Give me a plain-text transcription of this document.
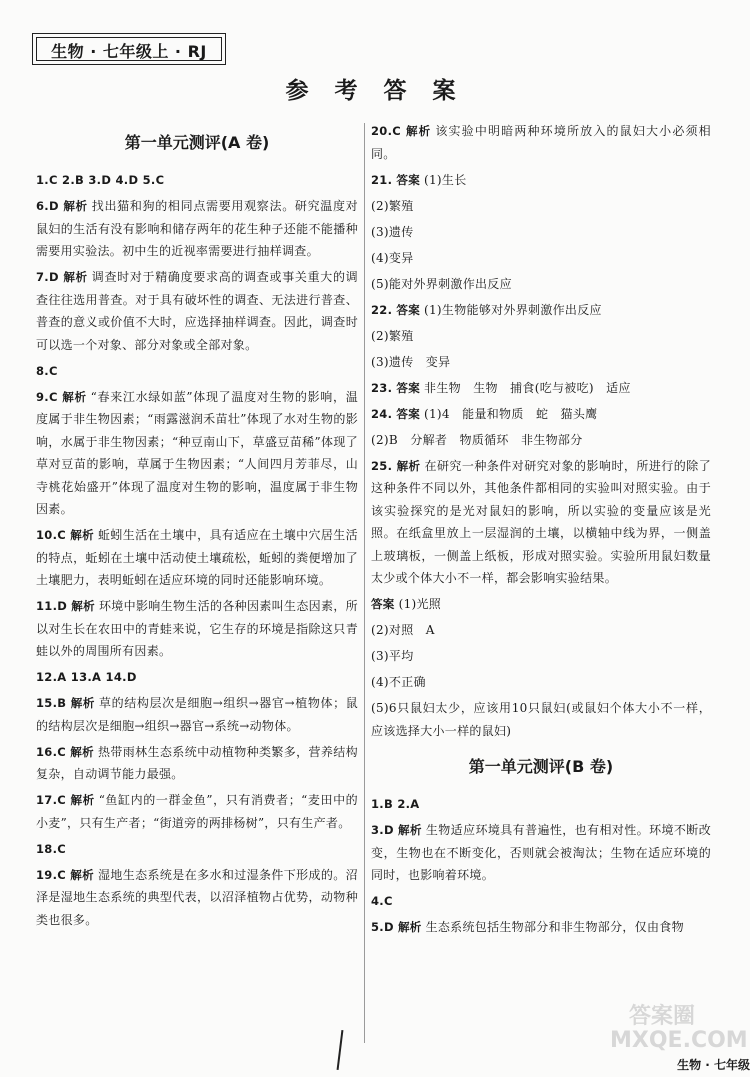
生物 · 七年级上 · RJ
参 考 答 案
第一单元测评(A 卷)
1.C 2.B 3.D 4.D 5.C
6.D 解析 找出猫和狗的相同点需要用观察法。研究温度对鼠妇的生活有没有影响和储存两年的花生种子还能不能播种需要用实验法。初中生的近视率需要进行抽样调查。
7.D 解析 调查时对于精确度要求高的调查或事关重大的调查往往选用普查。对于具有破坏性的调查、无法进行普查、普查的意义或价值不大时，应选择抽样调查。因此，调查时可以选一个对象、部分对象或全部对象。
8.C
9.C 解析 “春来江水绿如蓝”体现了温度对生物的影响，温度属于非生物因素；“雨露滋润禾苗壮”体现了水对生物的影响，水属于非生物因素；“种豆南山下，草盛豆苗稀”体现了草对豆苗的影响，草属于生物因素；“人间四月芳菲尽，山寺桃花始盛开”体现了温度对生物的影响，温度属于非生物因素。
10.C 解析 蚯蚓生活在土壤中，具有适应在土壤中穴居生活的特点，蚯蚓在土壤中活动使土壤疏松，蚯蚓的粪便增加了土壤肥力，表明蚯蚓在适应环境的同时还能影响环境。
11.D 解析 环境中影响生物生活的各种因素叫生态因素，所以对生长在农田中的青蛙来说，它生存的环境是指除这只青蛙以外的周围所有因素。
12.A 13.A 14.D
15.B 解析 草的结构层次是细胞→组织→器官→植物体；鼠的结构层次是细胞→组织→器官→系统→动物体。
16.C 解析 热带雨林生态系统中动植物种类繁多，营养结构复杂，自动调节能力最强。
17.C 解析 “鱼缸内的一群金鱼”，只有消费者；“麦田中的小麦”，只有生产者；“街道旁的两排杨树”，只有生产者。
18.C
19.C 解析 湿地生态系统是在多水和过湿条件下形成的。沼泽是湿地生态系统的典型代表，以沼泽植物占优势，动物种类也很多。
20.C 解析 该实验中明暗两种环境所放入的鼠妇大小必须相同。
21. 答案 (1)生长
(2)繁殖
(3)遗传
(4)变异
(5)能对外界刺激作出反应
22. 答案 (1)生物能够对外界刺激作出反应
(2)繁殖
(3)遗传　变异
23. 答案 非生物　生物　捕食(吃与被吃)　适应
24. 答案 (1)4　能量和物质　蛇　猫头鹰
(2)B　分解者　物质循环　非生物部分
25. 解析 在研究一种条件对研究对象的影响时，所进行的除了这种条件不同以外，其他条件都相同的实验叫对照实验。由于该实验探究的是光对鼠妇的影响，所以实验的变量应该是光照。在纸盒里放上一层湿润的土壤，以横轴中线为界，一侧盖上玻璃板，一侧盖上纸板，形成对照实验。实验所用鼠妇数量太少或个体大小不一样，都会影响实验结果。
答案 (1)光照
(2)对照　A
(3)平均
(4)不正确
(5)6只鼠妇太少，应该用10只鼠妇(或鼠妇个体大小不一样，应该选择大小一样的鼠妇)
第一单元测评(B 卷)
1.B 2.A
3.D 解析 生物适应环境具有普遍性，也有相对性。环境不断改变，生物也在不断变化，否则就会被淘汰；生物在适应环境的同时，也影响着环境。
4.C
5.D 解析 生态系统包括生物部分和非生物部分，仅由食物
答案圈 MXQE.COM
生物 · 七年级
